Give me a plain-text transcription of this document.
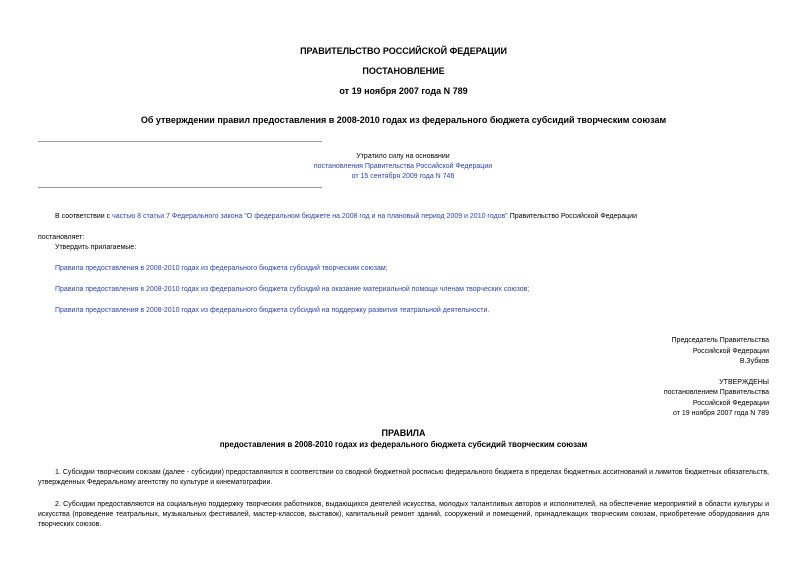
ПРАВИТЕЛЬСТВО РОССИЙСКОЙ ФЕДЕРАЦИИ
ПОСТАНОВЛЕНИЕ
от 19 ноября 2007 года N 789
Об утверждении правил предоставления в 2008-2010 годах из федерального бюджета субсидий творческим союзам
Утратило силу на основании
постановления Правительства Российской Федерации
от 15 сентября 2009 года N 746
В соответствии с частью 8 статьи 7 Федерального закона "О федеральном бюджете на 2008 год и на плановый период 2009 и 2010 годов" Правительство Российской Федерации
постановляет:
Утвердить прилагаемые:
Правила предоставления в 2008-2010 годах из федерального бюджета субсидий творческим союзам;
Правила предоставления в 2008-2010 годах из федерального бюджета субсидий на оказание материальной помощи членам творческих союзов;
Правила предоставления в 2008-2010 годах из федерального бюджета субсидий на поддержку развития театральной деятельности.
Председатель Правительства
Российской Федерации
В.Зубков
УТВЕРЖДЕНЫ
постановлением Правительства
Российской Федерации
от 19 ноября 2007 года N 789
ПРАВИЛА
предоставления в 2008-2010 годах из федерального бюджета субсидий творческим союзам
1. Субсидии творческим союзам (далее - субсидии) предоставляются в соответствии со сводной бюджетной росписью федерального бюджета в пределах бюджетных ассигнований и лимитов бюджетных обязательств, утвержденных Федеральному агентству по культуре и кинематографии.
2. Субсидии предоставляются на социальную поддержку творческих работников, выдающихся деятелей искусства, молодых талантливых авторов и исполнителей, на обеспечение мероприятий в области культуры и искусства (проведение театральных, музыкальных фестивалей, мастер-классов, выставок), капитальный ремонт зданий, сооружений и помещений, принадлежащих творческим союзам, приобретение оборудования для творческих союзов.
